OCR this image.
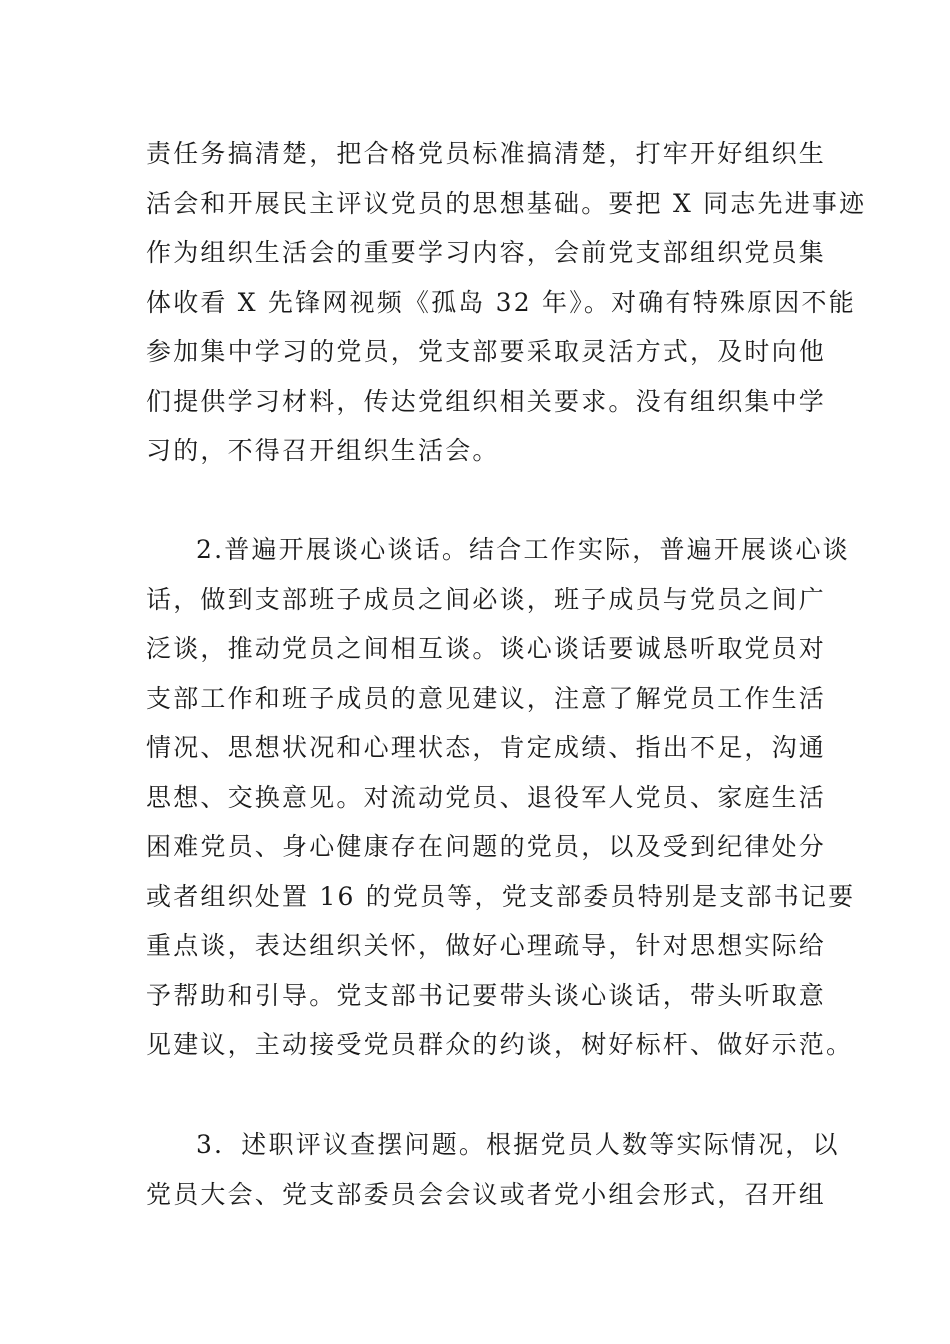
责任务搞清楚，把合格党员标准搞清楚，打牢开好组织生
活会和开展民主评议党员的思想基础。要把 X 同志先进事迹
作为组织生活会的重要学习内容，会前党支部组织党员集
体收看 X 先锋网视频《孤岛 32 年》。对确有特殊原因不能
参加集中学习的党员，党支部要采取灵活方式，及时向他
们提供学习材料，传达党组织相关要求。没有组织集中学
习的，不得召开组织生活会。
2.普遍开展谈心谈话。结合工作实际，普遍开展谈心谈
话，做到支部班子成员之间必谈，班子成员与党员之间广
泛谈，推动党员之间相互谈。谈心谈话要诚恳听取党员对
支部工作和班子成员的意见建议，注意了解党员工作生活
情况、思想状况和心理状态，肯定成绩、指出不足，沟通
思想、交换意见。对流动党员、退役军人党员、家庭生活
困难党员、身心健康存在问题的党员，以及受到纪律处分
或者组织处置 16 的党员等，党支部委员特别是支部书记要
重点谈，表达组织关怀，做好心理疏导，针对思想实际给
予帮助和引导。党支部书记要带头谈心谈话，带头听取意
见建议，主动接受党员群众的约谈，树好标杆、做好示范。
3．述职评议查摆问题。根据党员人数等实际情况，以
党员大会、党支部委员会会议或者党小组会形式，召开组
